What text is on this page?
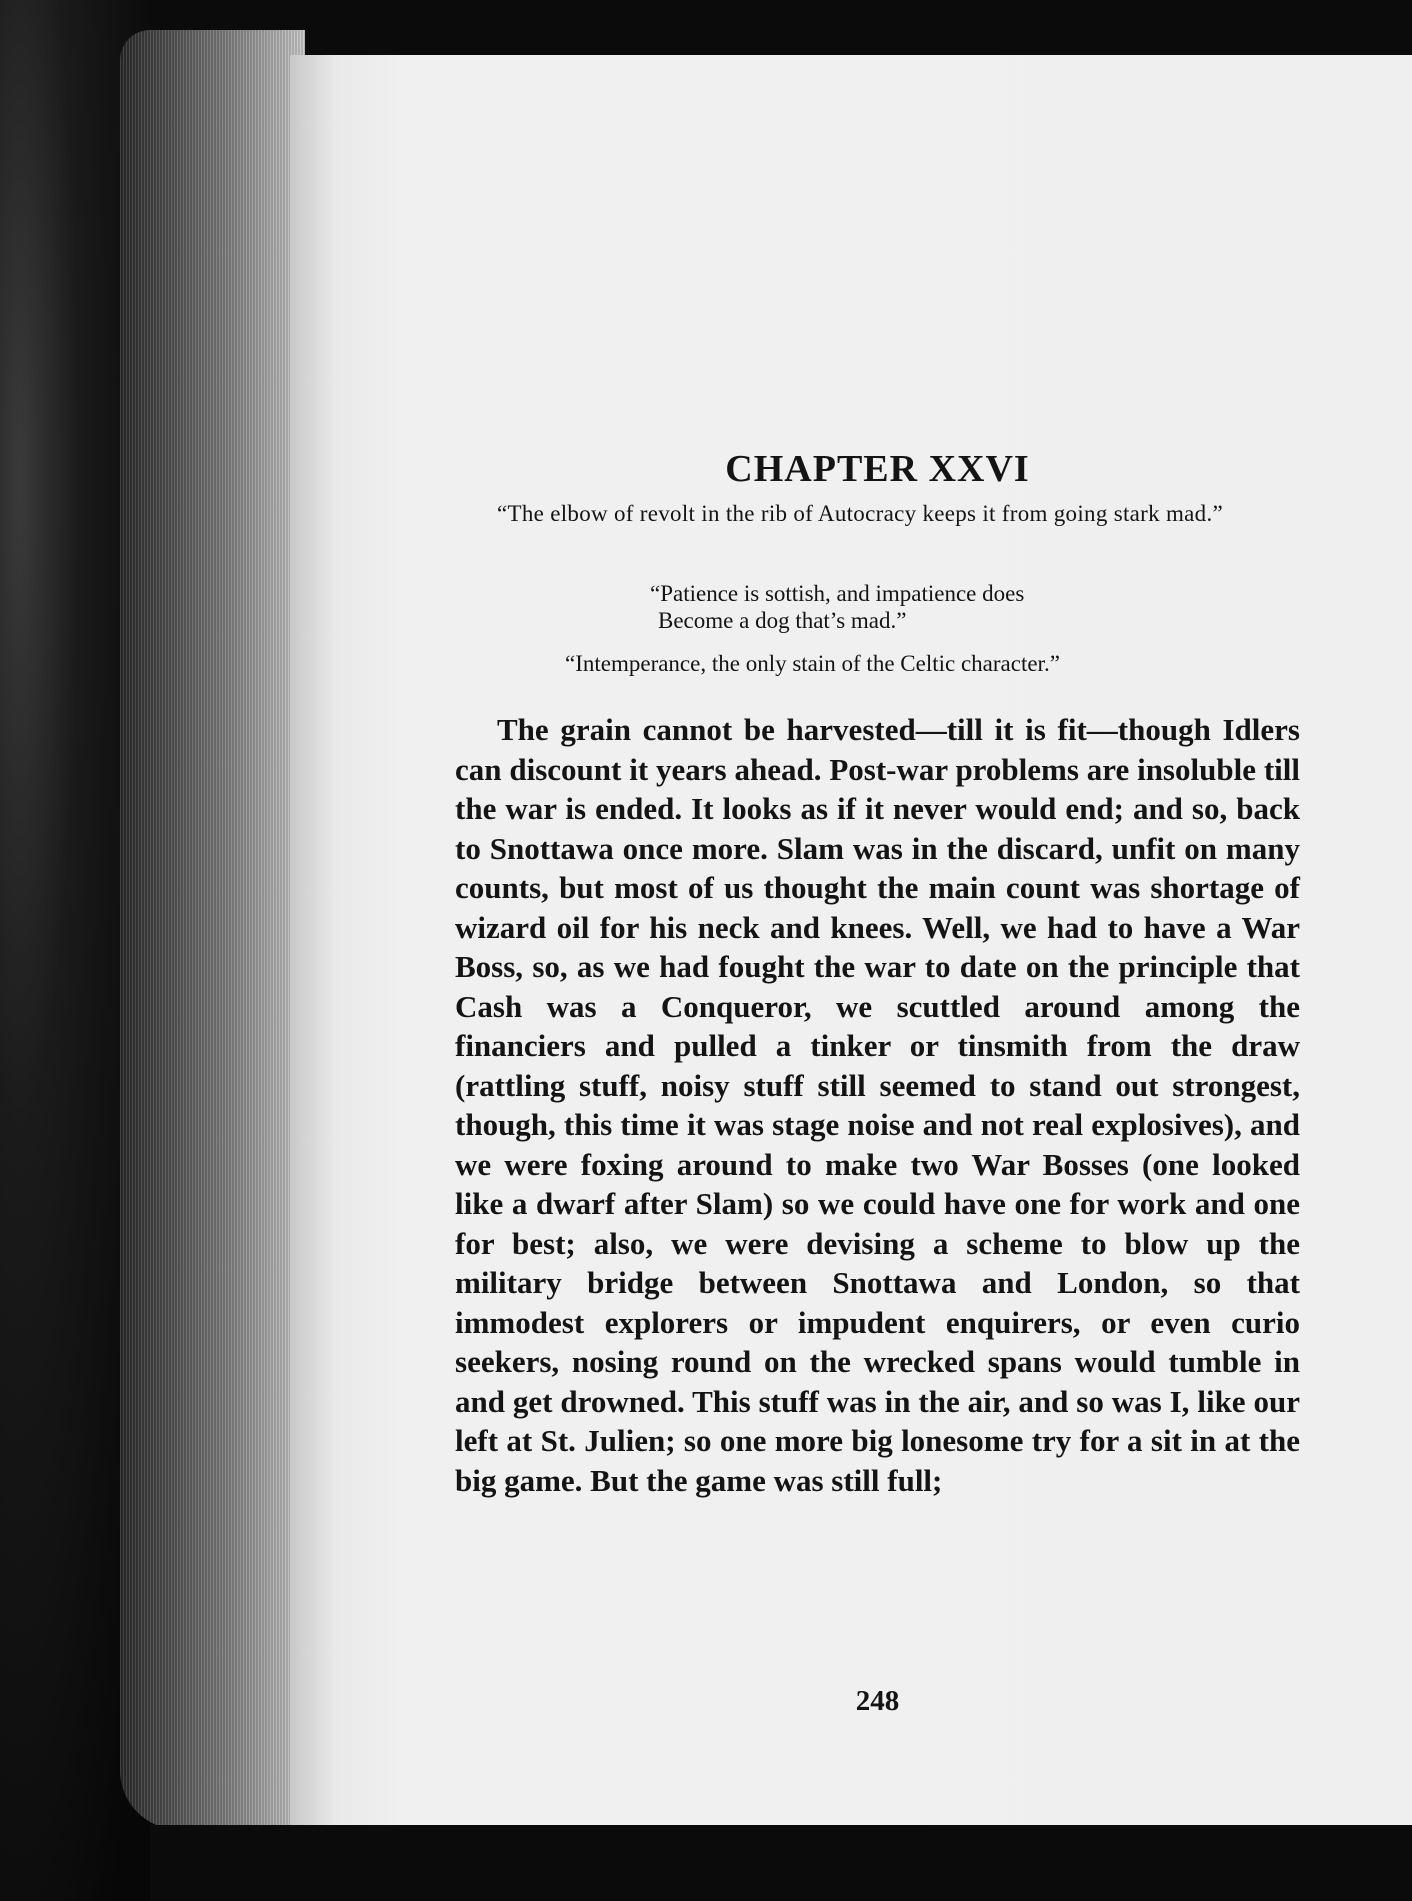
CHAPTER XXVI

“The elbow of revolt in the rib of Autocracy keeps it from going stark mad.”

“Patience is sottish, and impatience does
Become a dog that’s mad.”

“Intemperance, the only stain of the Celtic character.”

The grain cannot be harvested—till it is fit—though Idlers can discount it years ahead. Post-war problems are insoluble till the war is ended. It looks as if it never would end; and so, back to Snottawa once more. Slam was in the discard, unfit on many counts, but most of us thought the main count was shortage of wizard oil for his neck and knees. Well, we had to have a War Boss, so, as we had fought the war to date on the principle that Cash was a Conqueror, we scuttled around among the financiers and pulled a tinker or tinsmith from the draw (rattling stuff, noisy stuff still seemed to stand out strongest, though, this time it was stage noise and not real explosives), and we were foxing around to make two War Bosses (one looked like a dwarf after Slam) so we could have one for work and one for best; also, we were devising a scheme to blow up the military bridge between Snottawa and London, so that immodest explorers or impudent enquirers, or even curio seekers, nosing round on the wrecked spans would tumble in and get drowned. This stuff was in the air, and so was I, like our left at St. Julien; so one more big lonesome try for a sit in at the big game. But the game was still full;

248
